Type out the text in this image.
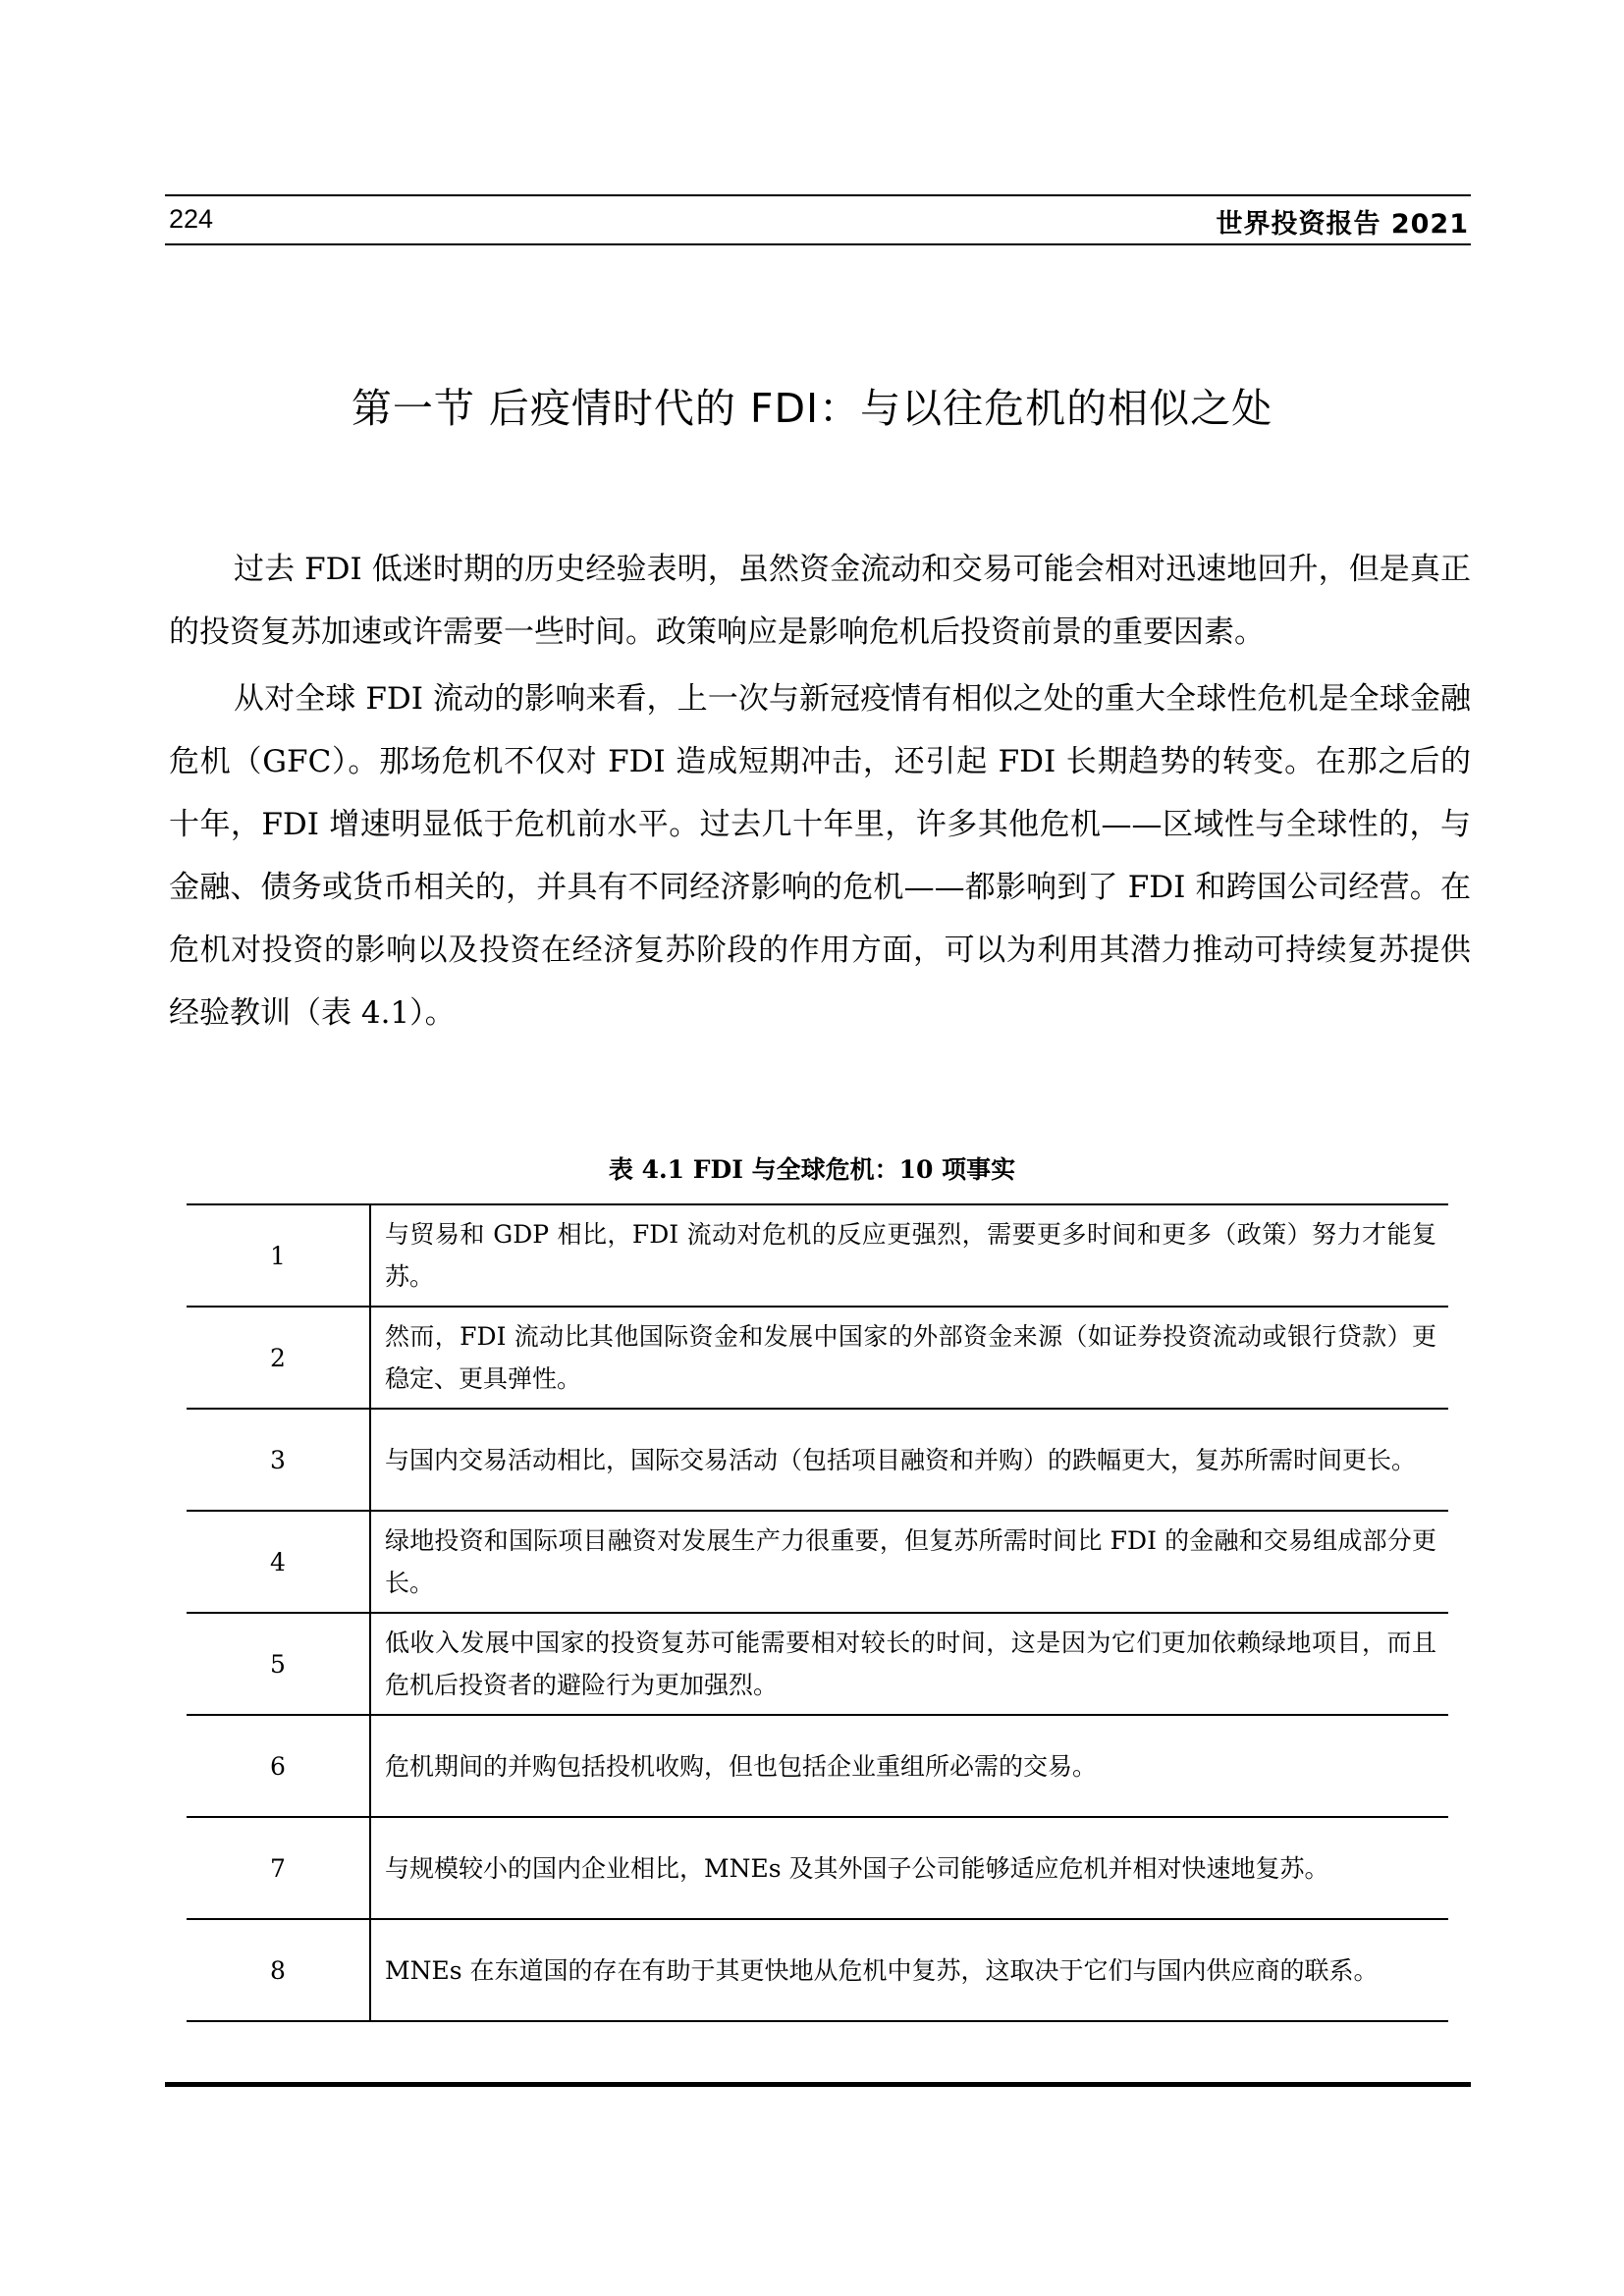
224	世界投资报告 2021
第一节 后疫情时代的 FDI：与以往危机的相似之处

过去 FDI 低迷时期的历史经验表明，虽然资金流动和交易可能会相对迅速地回升，但是真正的投资复苏加速或许需要一些时间。政策响应是影响危机后投资前景的重要因素。

从对全球 FDI 流动的影响来看，上一次与新冠疫情有相似之处的重大全球性危机是全球金融危机（GFC）。那场危机不仅对 FDI 造成短期冲击，还引起 FDI 长期趋势的转变。在那之后的十年，FDI 增速明显低于危机前水平。过去几十年里，许多其他危机——区域性与全球性的，与金融、债务或货币相关的，并具有不同经济影响的危机——都影响到了 FDI 和跨国公司经营。在危机对投资的影响以及投资在经济复苏阶段的作用方面，可以为利用其潜力推动可持续复苏提供经验教训（表 4.1）。

表 4.1 FDI 与全球危机：10 项事实
1	与贸易和 GDP 相比，FDI 流动对危机的反应更强烈，需要更多时间和更多（政策）努力才能复苏。
2	然而，FDI 流动比其他国际资金和发展中国家的外部资金来源（如证券投资流动或银行贷款）更稳定、更具弹性。
3	与国内交易活动相比，国际交易活动（包括项目融资和并购）的跌幅更大，复苏所需时间更长。
4	绿地投资和国际项目融资对发展生产力很重要，但复苏所需时间比 FDI 的金融和交易组成部分更长。
5	低收入发展中国家的投资复苏可能需要相对较长的时间，这是因为它们更加依赖绿地项目，而且危机后投资者的避险行为更加强烈。
6	危机期间的并购包括投机收购，但也包括企业重组所必需的交易。
7	与规模较小的国内企业相比，MNEs 及其外国子公司能够适应危机并相对快速地复苏。
8	MNEs 在东道国的存在有助于其更快地从危机中复苏，这取决于它们与国内供应商的联系。
